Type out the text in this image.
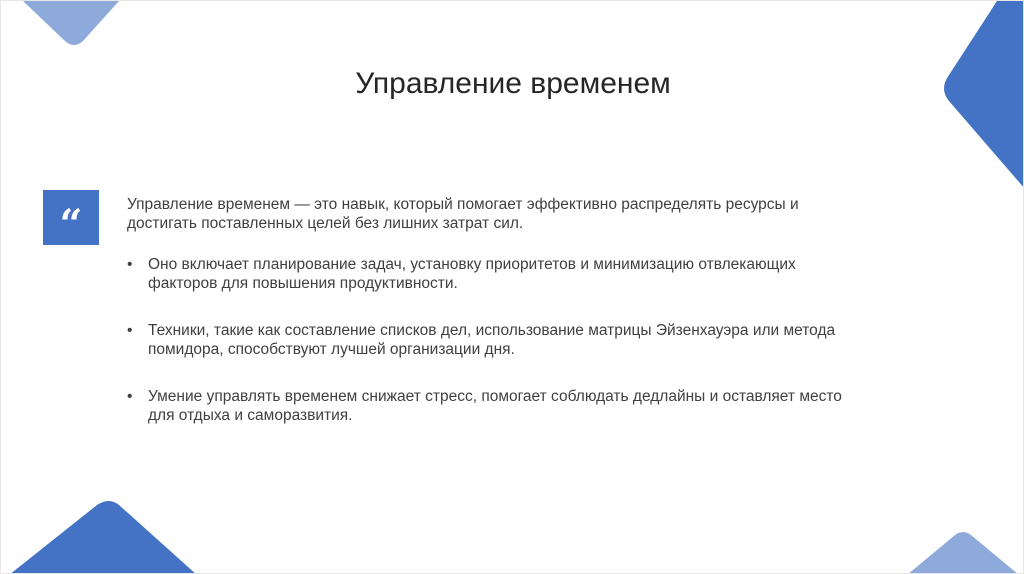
Управление временем
“	Управление временем — это навык, который помогает эффективно распределять ресурсы и достигать поставленных целей без лишних затрат сил.

• Оно включает планирование задач, установку приоритетов и минимизацию отвлекающих факторов для повышения продуктивности.
• Техники, такие как составление списков дел, использование матрицы Эйзенхауэра или метода помидора, способствуют лучшей организации дня.
• Умение управлять временем снижает стресс, помогает соблюдать дедлайны и оставляет место для отдыха и саморазвития.
